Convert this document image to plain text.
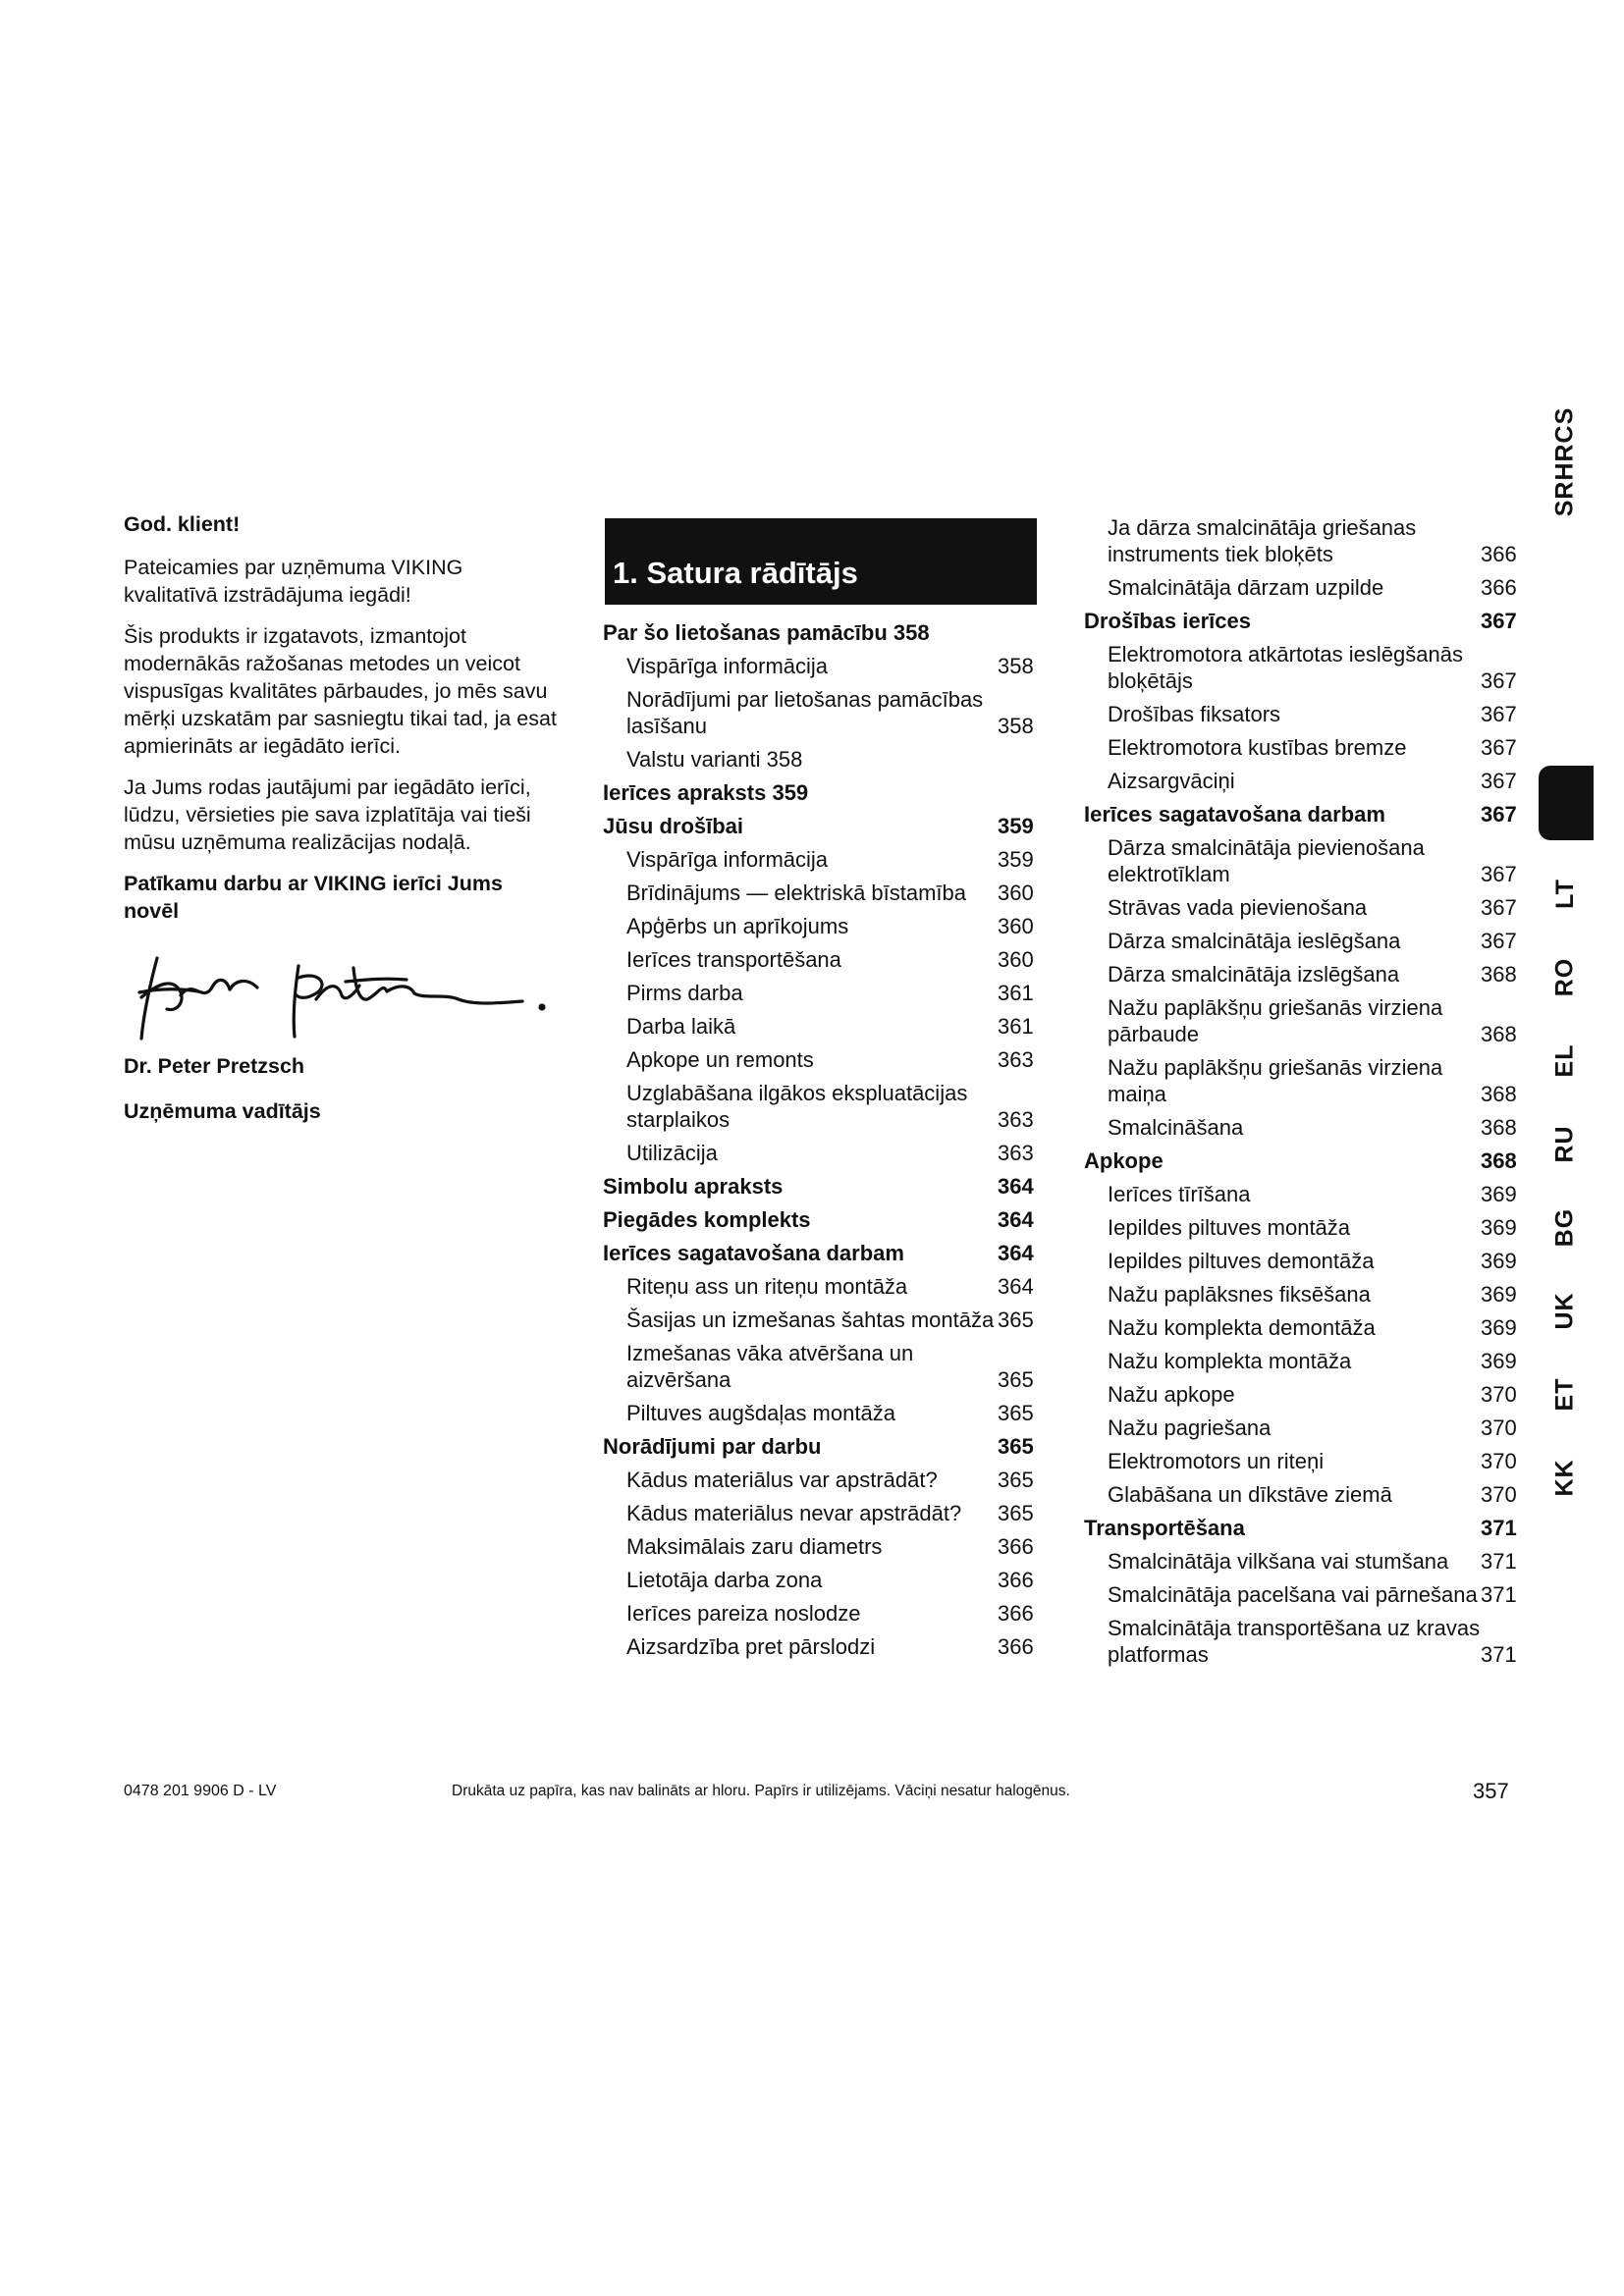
God. klient!

Pateicamies par uzņēmuma VIKING kvalitatīvā izstrādājuma iegādi!

Šis produkts ir izgatavots, izmantojot modernākās ražošanas metodes un veicot vispusīgas kvalitātes pārbaudes, jo mēs savu mērķi uzskatām par sasniegtu tikai tad, ja esat apmierināts ar iegādāto ierīci.

Ja Jums rodas jautājumi par iegādāto ierīci, lūdzu, vērsieties pie sava izplatītāja vai tieši mūsu uzņēmuma realizācijas nodaļā.

Patīkamu darbu ar VIKING ierīci Jums novēl

Dr. Peter Pretzsch

Uzņēmuma vadītājs

1. Satura rādītājs
Par šo lietošanas pamācību 358
Vispārīga informācija	358
Norādījumi par lietošanas pamācības lasīšanu	358
Valstu varianti 358
Ierīces apraksts 359
Jūsu drošībai	359
Vispārīga informācija	359
Brīdinājums — elektriskā bīstamība	360
Apģērbs un aprīkojums	360
Ierīces transportēšana	360
Pirms darba	361
Darba laikā	361
Apkope un remonts	363
Uzglabāšana ilgākos ekspluatācijas starplaikos	363
Utilizācija	363
Simbolu apraksts	364
Piegādes komplekts	364
Ierīces sagatavošana darbam	364
Riteņu ass un riteņu montāža	364
Šasijas un izmešanas šahtas montāža 365
Izmešanas vāka atvēršana un aizvēršana	365
Piltuves augšdaļas montāža	365
Norādījumi par darbu	365
Kādus materiālus var apstrādāt?	365
Kādus materiālus nevar apstrādāt?	365
Maksimālais zaru diametrs	366
Lietotāja darba zona	366
Ierīces pareiza noslodze	366
Aizsardzība pret pārslodzi	366
Ja dārza smalcinātāja griešanas instruments tiek bloķēts	366
Smalcinātāja dārzam uzpilde	366
Drošības ierīces	367
Elektromotora atkārtotas ieslēgšanās bloķētājs	367
Drošības fiksators	367
Elektromotora kustības bremze	367
Aizsargvāciņi	367
Ierīces sagatavošana darbam	367
Dārza smalcinātāja pievienošana elektrotīklam	367
Strāvas vada pievienošana	367
Dārza smalcinātāja ieslēgšana	367
Dārza smalcinātāja izslēgšana	368
Nažu paplākšņu griešanās virziena pārbaude	368
Nažu paplākšņu griešanās virziena maiņa	368
Smalcināšana	368
Apkope	368
Ierīces tīrīšana	369
Iepildes piltuves montāža	369
Iepildes piltuves demontāža	369
Nažu paplāksnes fiksēšana	369
Nažu komplekta demontāža	369
Nažu komplekta montāža	369
Nažu apkope	370
Nažu pagriešana	370
Elektromotors un riteņi	370
Glabāšana un dīkstāve ziemā	370
Transportēšana	371
Smalcinātāja vilkšana vai stumšana	371
Smalcinātāja pacelšana vai pārnešana 371
Smalcinātāja transportēšana uz kravas platformas	371
SRHRCS
LT
RO
EL
RU
BG
UK
ET
KK
0478 201 9906 D - LV	Drukāta uz papīra, kas nav balināts ar hloru. Papīrs ir utilizējams. Vāciņi nesatur halogēnus.	357
